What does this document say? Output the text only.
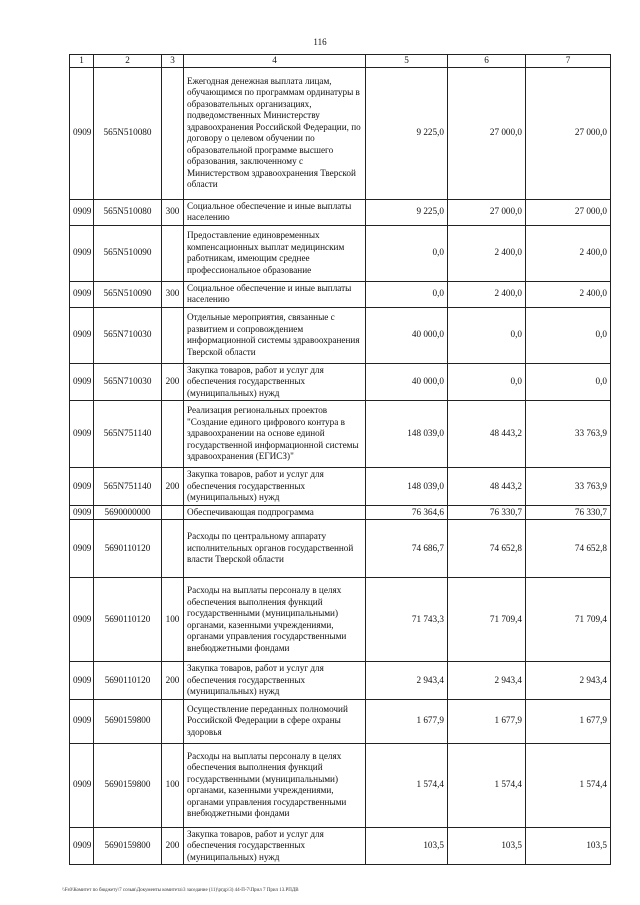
116
1	2	3	4	5	6	7
0909	565N510080		Ежегодная денежная выплата лицам, обучающимся по программам ординатуры в образовательных организациях, подведомственных Министерству здравоохранения Российской Федерации, по договору о целевом обучении по образовательной программе высшего образования, заключенному с Министерством здравоохранения Тверской области	9 225,0	27 000,0	27 000,0
0909	565N510080	300	Социальное обеспечение и иные выплаты населению	9 225,0	27 000,0	27 000,0
0909	565N510090		Предоставление единовременных компенсационных выплат медицинским работникам, имеющим среднее профессиональное образование	0,0	2 400,0	2 400,0
0909	565N510090	300	Социальное обеспечение и иные выплаты населению	0,0	2 400,0	2 400,0
0909	565N710030		Отдельные мероприятия, связанные с развитием и сопровождением информационной системы здравоохранения Тверской области	40 000,0	0,0	0,0
0909	565N710030	200	Закупка товаров, работ и услуг для обеспечения государственных (муниципальных) нужд	40 000,0	0,0	0,0
0909	565N751140		Реализация региональных проектов "Создание единого цифрового контура в здравоохранении на основе единой государственной информационной системы здравоохранения (ЕГИСЗ)"	148 039,0	48 443,2	33 763,9
0909	565N751140	200	Закупка товаров, работ и услуг для обеспечения государственных (муниципальных) нужд	148 039,0	48 443,2	33 763,9
0909	5690000000		Обеспечивающая подпрограмма	76 364,6	76 330,7	76 330,7
0909	5690110120		Расходы по центральному аппарату исполнительных органов государственной власти Тверской области	74 686,7	74 652,8	74 652,8
0909	5690110120	100	Расходы на выплаты персоналу в целях обеспечения выполнения функций государственными (муниципальными) органами, казенными учреждениями, органами управления государственными внебюджетными фондами	71 743,3	71 709,4	71 709,4
0909	5690110120	200	Закупка товаров, работ и услуг для обеспечения государственных (муниципальных) нужд	2 943,4	2 943,4	2 943,4
0909	5690159800		Осуществление переданных полномочий Российской Федерации в сфере охраны здоровья	1 677,9	1 677,9	1 677,9
0909	5690159800	100	Расходы на выплаты персоналу в целях обеспечения выполнения функций государственными (муниципальными) органами, казенными учреждениями, органами управления государственными внебюджетными фондами	1 574,4	1 574,4	1 574,4
0909	5690159800	200	Закупка товаров, работ и услуг для обеспечения государственных (муниципальных) нужд	103,5	103,5	103,5
\\Fs0\Комитет по бюджету\7 созыв\Документы комитета\3 заседание (11)\ргдр\3) 44-П-7\Прил 7 Прил 13.РПДВ
